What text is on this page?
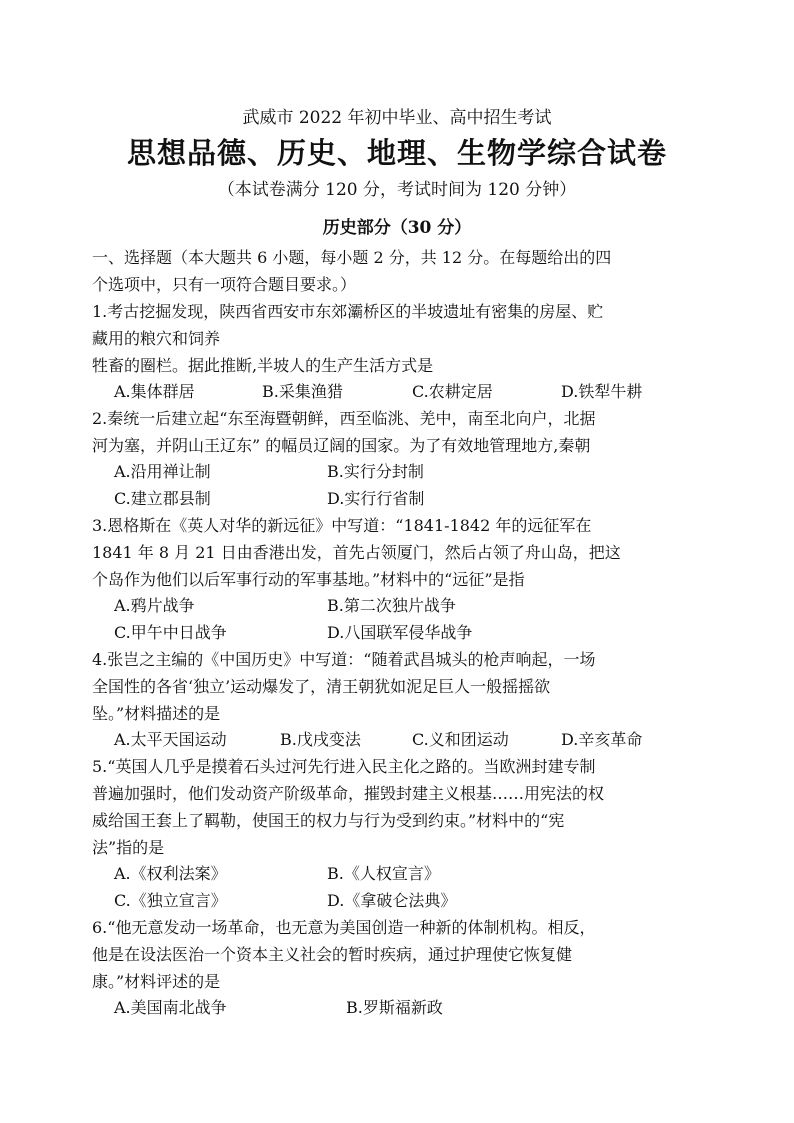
武威市 2022 年初中毕业、高中招生考试
思想品德、历史、地理、生物学综合试卷
（本试卷满分 120 分，考试时间为 120 分钟）
历史部分（30 分）
一、选择题（本大题共 6 小题，每小题 2 分，共 12 分。在每题给出的四
个选项中，只有一项符合题目要求。）
1.考古挖掘发现，陕西省西安市东郊灞桥区的半坡遗址有密集的房屋、贮
藏用的粮穴和饲养
牲畜的圈栏。据此推断,半坡人的生产生活方式是
A.集体群居	B.采集渔猎	C.农耕定居	D.铁犁牛耕
2.秦统一后建立起“东至海暨朝鲜，西至临洮、羌中，南至北向户，北据
河为塞，并阴山王辽东” 的幅员辽阔的国家。为了有效地管理地方,秦朝
A.沿用禅让制	B.实行分封制
C.建立郡县制	D.实行行省制
3.恩格斯在《英人对华的新远征》中写道：“1841-1842 年的远征军在
1841 年 8 月 21 日由香港出发，首先占领厦门，然后占领了舟山岛，把这
个岛作为他们以后军事行动的军事基地。”材料中的“远征”是指
A.鸦片战争	B.第二次独片战争
C.甲午中日战争	D.八国联军侵华战争
4.张岂之主编的《中国历史》中写道：“随着武昌城头的枪声响起，一场
全国性的各省‘独立’运动爆发了，清王朝犹如泥足巨人一般摇摇欲
坠。”材料描述的是
A.太平天国运动	B.戊戌变法	C.义和团运动	D.辛亥革命
5.“英国人几乎是摸着石头过河先行进入民主化之路的。当欧洲封建专制
普遍加强时，他们发动资产阶级革命，摧毁封建主义根基……用宪法的权
威给国王套上了羁勒，使国王的权力与行为受到约束。”材料中的“宪
法”指的是
A.《权利法案》	B.《人权宣言》
C.《独立宣言》	D.《拿破仑法典》
6.“他无意发动一场革命，也无意为美国创造一种新的体制机构。相反，
他是在设法医治一个资本主义社会的暂时疾病，通过护理使它恢复健
康。”材料评述的是
A.美国南北战争	B.罗斯福新政
